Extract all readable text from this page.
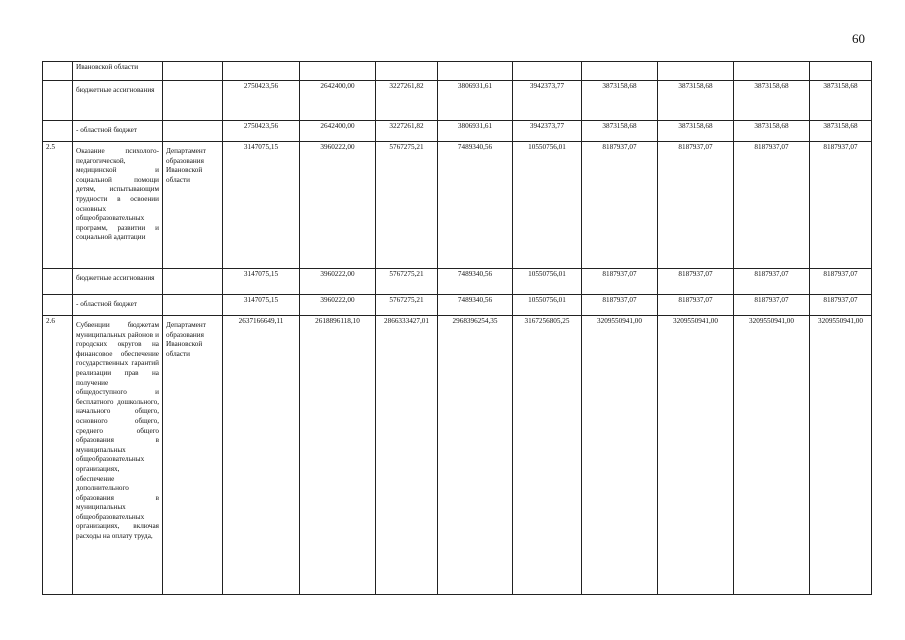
60
	Ивановской области										
	бюджетные ассигнования		2750423,56	2642400,00	3227261,82	3806931,61	3942373,77	3873158,68	3873158,68	3873158,68	3873158,68
	- областной бюджет		2750423,56	2642400,00	3227261,82	3806931,61	3942373,77	3873158,68	3873158,68	3873158,68	3873158,68
2.5	Оказание психолого-педагогической, медицинской и социальной помощи детям, испытывающим трудности в освоении основных общеобразовательных программ, развитии и социальной адаптации	Департамент образования Ивановской области	3147075,15	3960222,00	5767275,21	7489340,56	10550756,01	8187937,07	8187937,07	8187937,07	8187937,07
	бюджетные ассигнования		3147075,15	3960222,00	5767275,21	7489340,56	10550756,01	8187937,07	8187937,07	8187937,07	8187937,07
	- областной бюджет		3147075,15	3960222,00	5767275,21	7489340,56	10550756,01	8187937,07	8187937,07	8187937,07	8187937,07
2.6	Субвенции бюджетам муниципальных районов и городских округов на финансовое обеспечение государственных гарантий реализации прав на получение общедоступного и бесплатного дошкольного, начального общего, основного общего, среднего общего образования в муниципальных общеобразовательных организациях, обеспечение дополнительного образования в муниципальных общеобразовательных организациях, включая расходы на оплату труда,	Департамент образования Ивановской области	2637166649,11	2618896118,10	2866333427,01	2968396254,35	3167256805,25	3209550941,00	3209550941,00	3209550941,00	3209550941,00
